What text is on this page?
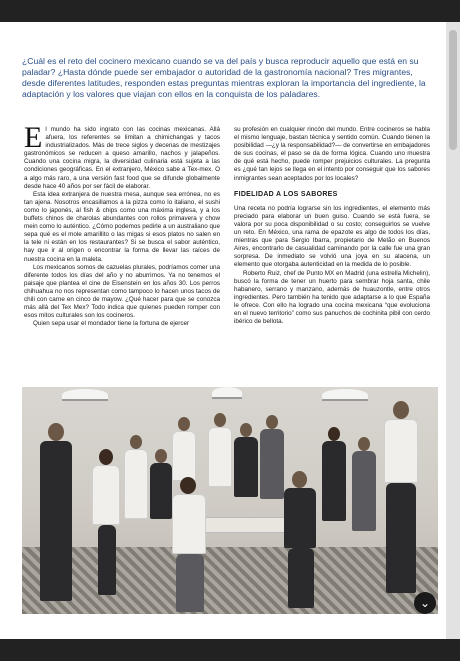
¿Cuál es el reto del cocinero mexicano cuando se va del país y busca reproducir aquello que está en su paladar? ¿Hasta dónde puede ser embajador o autoridad de la gastronomía nacional? Tres migrantes, desde diferentes latitudes, responden estas preguntas mientras exploran la importancia del ingrediente, la adaptación y los valores que viajan con ellos en la conquista de los paladares.

El mundo ha sido ingrato con las cocinas mexicanas. Allá afuera, los referentes se limitan a chimichangas y tacos industrializados. Más de trece siglos y decenas de mestizajes gastronómicos se reducen a queso amarillo, nachos y jalapeños. Cuando una cocina migra, la diversidad culinaria está sujeta a las condiciones geográficas. En el extranjero, México sabe a Tex-mex. O a algo más raro, a una versión fast food que se difunde globalmente desde hace 40 años por ser fácil de elaborar.

Esta idea extranjera de nuestra mesa, aunque sea errónea, no es tan ajena. Nosotros encasillamos a la pizza como lo italiano, el sushi como lo japonés, al fish & chips como una máxima inglesa, y a los buffets chinos de charolas abundantes con rollos primavera y chow mein como lo auténtico. ¿Cómo podemos pedirle a un australiano que sepa qué es el mole amarillito o las migas si esos platos no salen en la tele ni están en los restaurantes? Si se busca el sabor auténtico, hay que ir al origen o encontrar la forma de llevar las raíces de nuestra cocina en la maleta.

Los mexicanos somos de cazuelas plurales, podríamos comer una diferente todos los días del año y no aburrirnos. Ya no tenemos el paisaje que plantea el cine de Eisenstein en los años 30. Los perros chihuahua no nos representan como tampoco lo hacen unos tacos de chili con carne en cinco de mayow. ¿Qué hacer para que se conozca más allá del Tex Mex? Todo indica que quienes pueden romper con esos mitos culturales son los cocineros.

Quien sepa usar el mondador tiene la fortuna de ejercer

su profesión en cualquier rincón del mundo. Entre cocineros se habla el mismo lenguaje, bastan técnica y sentido común. Cuando tienen la posibilidad —¿y la responsabilidad?— de convertirse en embajadores de sus cocinas, el paso se da de forma lógica. Cuando uno muestra de qué está hecho, puede romper prejuicios culturales. La pregunta es ¿qué tan lejos se llega en el intento por conseguir que los sabores inmigrantes sean aceptados por los locales?

FIDELIDAD A LOS SABORES

Una receta no podría lograrse sin los ingredientes, el elemento más preciado para elaborar un buen guiso. Cuando se está fuera, se valora por su poca disponibilidad o su costo; conseguirlos se vuelve un reto. En México, una rama de epazote es algo de todos los días, mientras que para Sergio Ibarra, propietario de Melão en Buenos Aires, encontrarlo de casualidad caminando por la calle fue una gran sorpresa. De inmediato se volvió una joya en su alacena, un elemento que otorgaba autenticidad en la medida de lo posible.

Roberto Ruiz, chef de Punto MX en Madrid (una estrella Michelin), buscó la forma de tener un huerto para sembrar hoja santa, chile habanero, serrano y manzano, además de huauzontle, entre otros ingredientes. Pero también ha tenido que adaptarse a lo que España le ofrece. Con ello ha logrado una cocina mexicana “que evoluciona en el nuevo territorio” como sus panuchos de cochinita pibil con cerdo ibérico de bellota.

⌄
